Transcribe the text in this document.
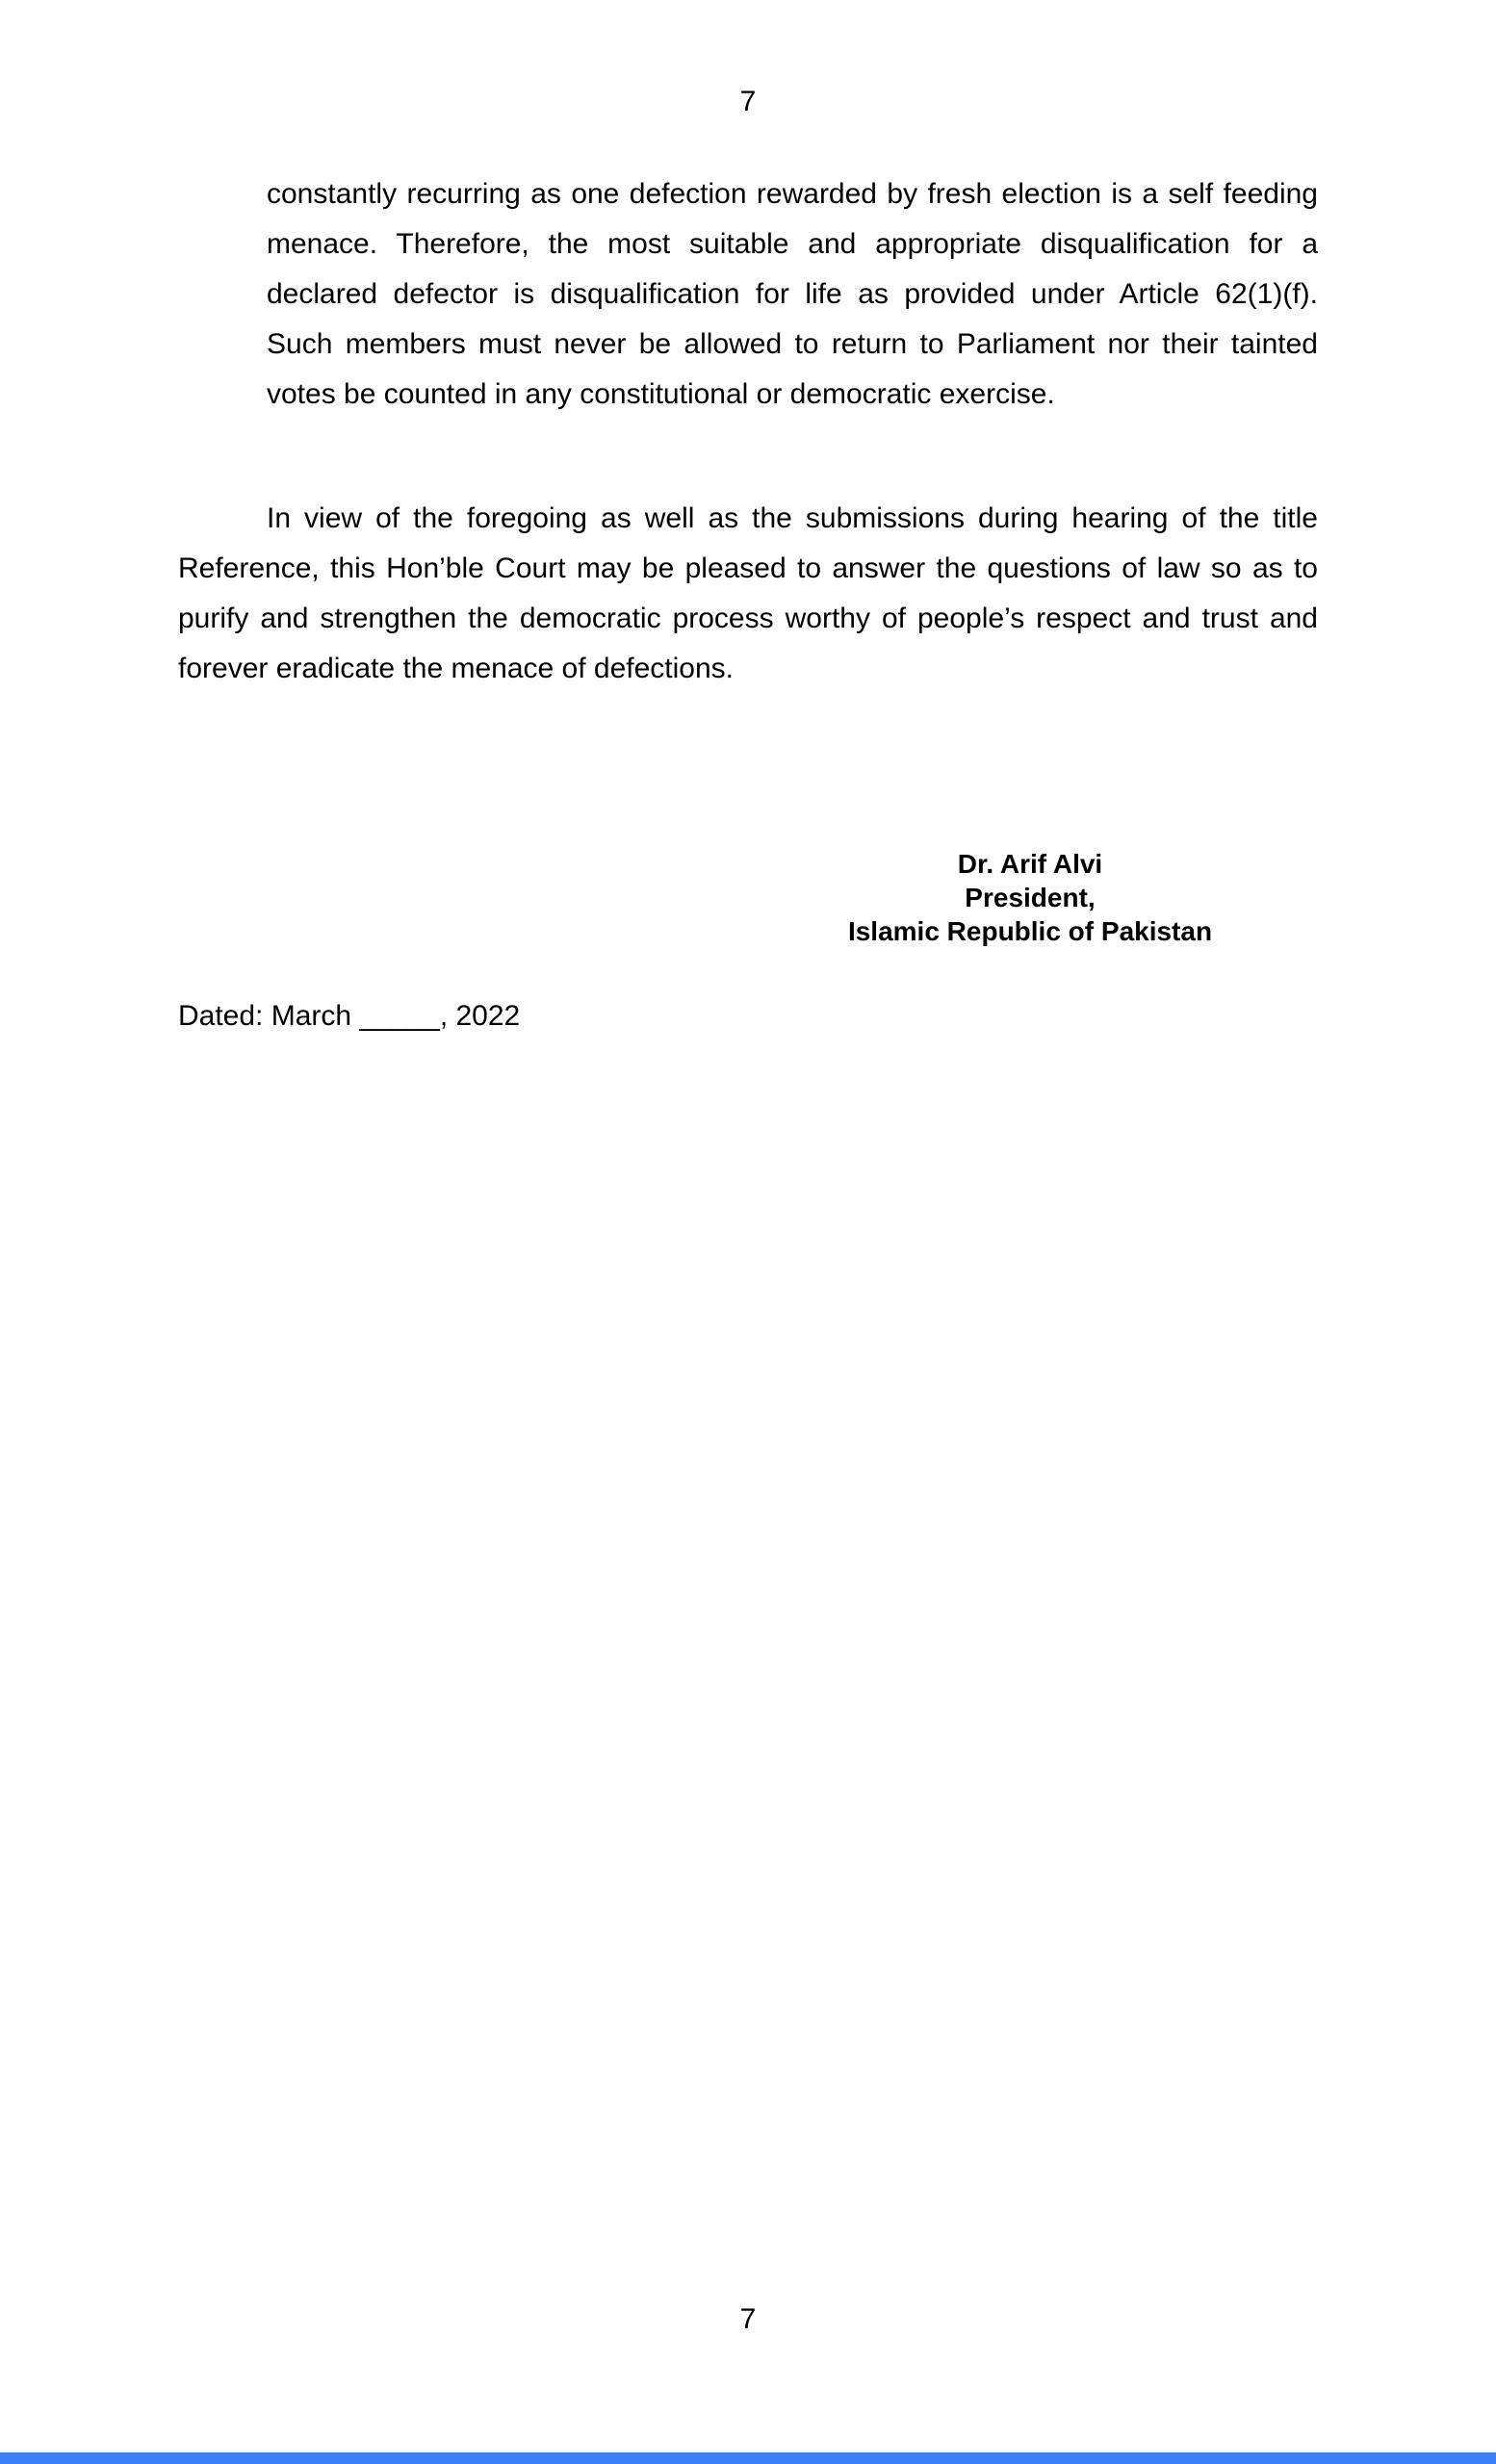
7
constantly recurring as one defection rewarded by fresh election is a self feeding
menace. Therefore, the most suitable and appropriate disqualification for a
declared defector is disqualification for life as provided under Article 62(1)(f).
Such members must never be allowed to return to Parliament nor their tainted
votes be counted in any constitutional or democratic exercise.
In view of the foregoing as well as the submissions during hearing of the title
Reference, this Hon’ble Court may be pleased to answer the questions of law so as to
purify and strengthen the democratic process worthy of people’s respect and trust and
forever eradicate the menace of defections.
Dr. Arif Alvi
President,
Islamic Republic of Pakistan
Dated: March _____, 2022
7
